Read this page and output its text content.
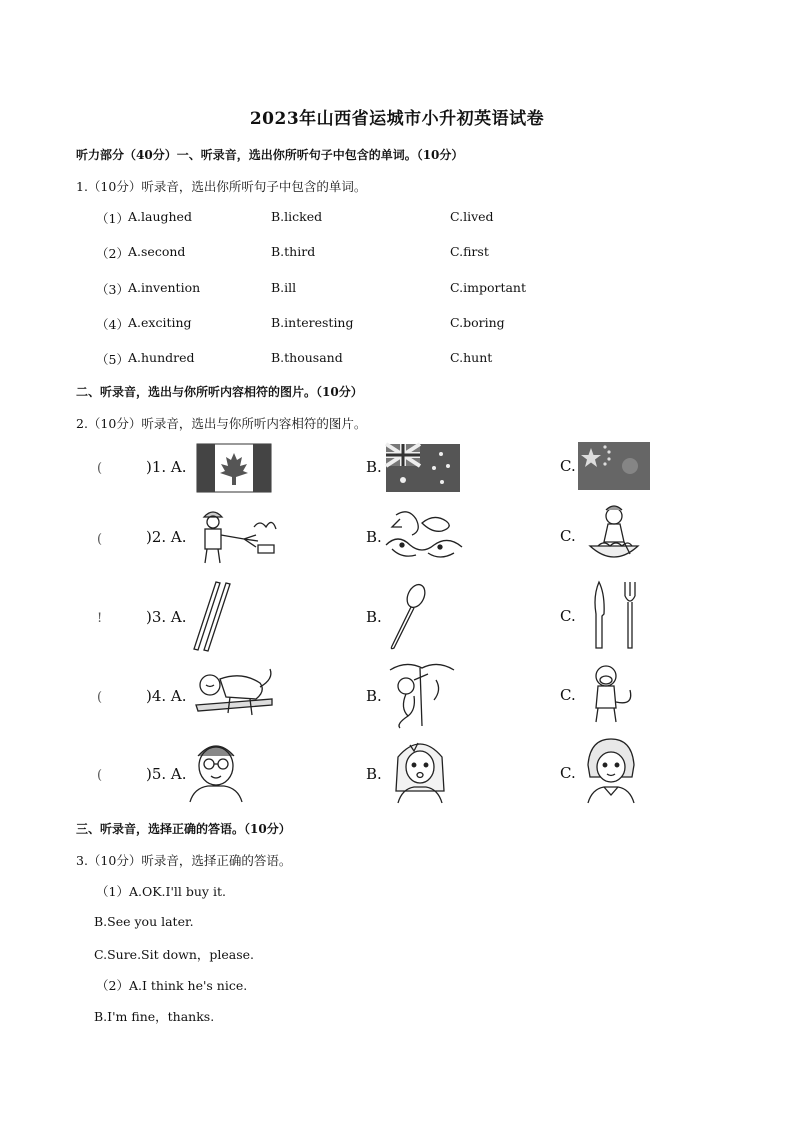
2023年山西省运城市小升初英语试卷
听力部分（40分）一、听录音，选出你所听句子中包含的单词。（10分）
1.（10分）听录音，选出你所听句子中包含的单词。
（1） A.laughed	B.licked	C.lived
（2） A.second	B.third	C.first
（3） A.invention	B.ill	C.important
（4） A.exciting	B.interesting	C.boring
（5） A.hundred	B.thousand	C.hunt
二、听录音，选出与你所听内容相符的图片。（10分）
2.（10分）听录音，选出与你所听内容相符的图片。
(	)1. A.	B.	C.
(	)2. A.	B.	C.
!	)3. A.	B.	C.
(	)4. A.	B.	C.
(	)5. A.	B.	C.
三、听录音，选择正确的答语。（10分）
3.（10分）听录音，选择正确的答语。
（1）A.OK.I'll buy it.
B.See you later.
C.Sure.Sit down，please.
（2）A.I think he's nice.
B.I'm fine，thanks.
